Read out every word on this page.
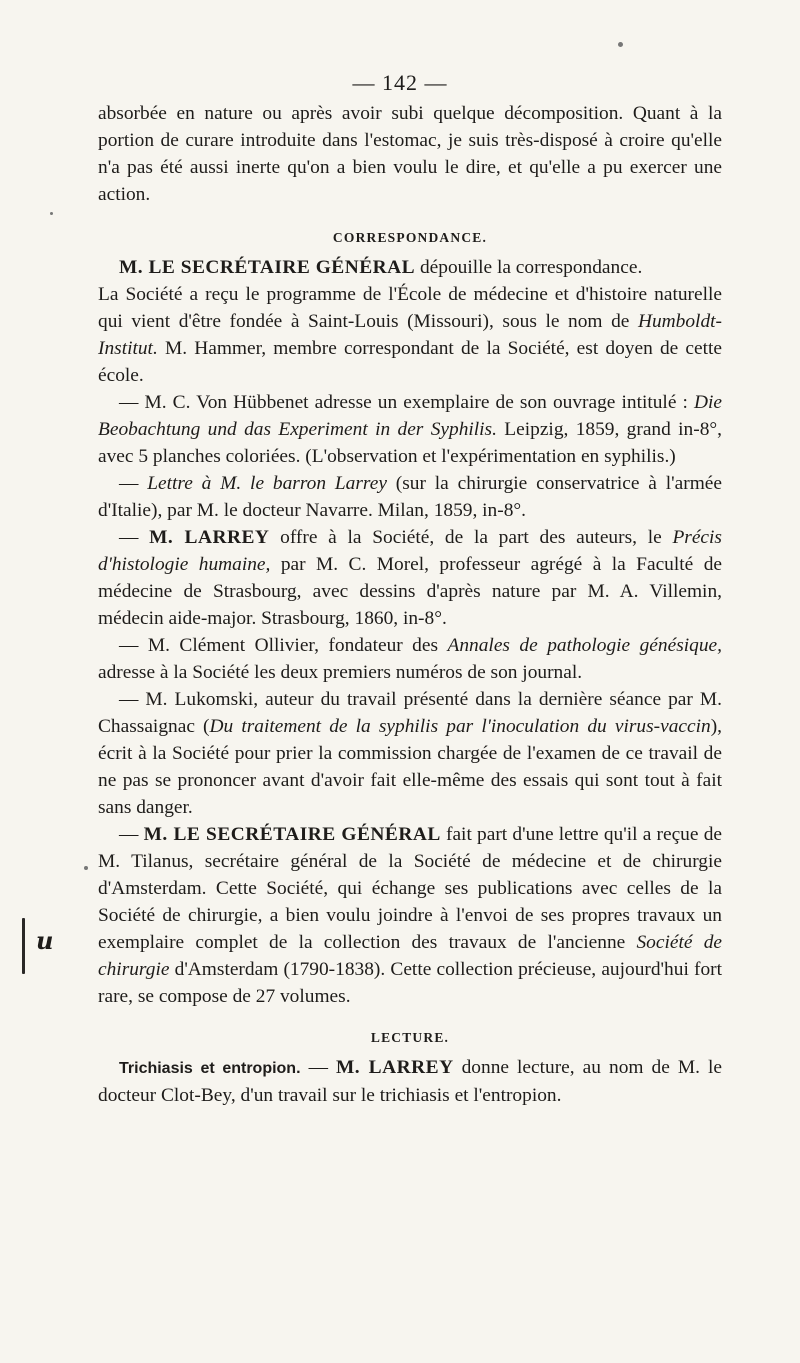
— 142 —

absorbée en nature ou après avoir subi quelque décomposition. Quant à la portion de curare introduite dans l'estomac, je suis très-disposé à croire qu'elle n'a pas été aussi inerte qu'on a bien voulu le dire, et qu'elle a pu exercer une action.

CORRESPONDANCE.

M. LE SECRÉTAIRE GÉNÉRAL dépouille la correspondance.

La Société a reçu le programme de l'École de médecine et d'histoire naturelle qui vient d'être fondée à Saint-Louis (Missouri), sous le nom de Humboldt-Institut. M. Hammer, membre correspondant de la Société, est doyen de cette école.

— M. C. Von Hübbenet adresse un exemplaire de son ouvrage intitulé : Die Beobachtung und das Experiment in der Syphilis. Leipzig, 1859, grand in-8°, avec 5 planches coloriées. (L'observation et l'expérimentation en syphilis.)

— Lettre à M. le barron Larrey (sur la chirurgie conservatrice à l'armée d'Italie), par M. le docteur Navarre. Milan, 1859, in-8°.

— M. LARREY offre à la Société, de la part des auteurs, le Précis d'histologie humaine, par M. C. Morel, professeur agrégé à la Faculté de médecine de Strasbourg, avec dessins d'après nature par M. A. Villemin, médecin aide-major. Strasbourg, 1860, in-8°.

— M. Clément Ollivier, fondateur des Annales de pathologie génésique, adresse à la Société les deux premiers numéros de son journal.

— M. Lukomski, auteur du travail présenté dans la dernière séance par M. Chassaignac (Du traitement de la syphilis par l'inoculation du virus-vaccin), écrit à la Société pour prier la commission chargée de l'examen de ce travail de ne pas se prononcer avant d'avoir fait elle-même des essais qui sont tout à fait sans danger.

— M. LE SECRÉTAIRE GÉNÉRAL fait part d'une lettre qu'il a reçue de M. Tilanus, secrétaire général de la Société de médecine et de chirurgie d'Amsterdam. Cette Société, qui échange ses publications avec celles de la Société de chirurgie, a bien voulu joindre à l'envoi de ses propres travaux un exemplaire complet de la collection des travaux de l'ancienne Société de chirurgie d'Amsterdam (1790-1838). Cette collection précieuse, aujourd'hui fort rare, se compose de 27 volumes.

LECTURE.

Trichiasis et entropion. — M. LARREY donne lecture, au nom de M. le docteur Clot-Bey, d'un travail sur le trichiasis et l'entropion.

u
